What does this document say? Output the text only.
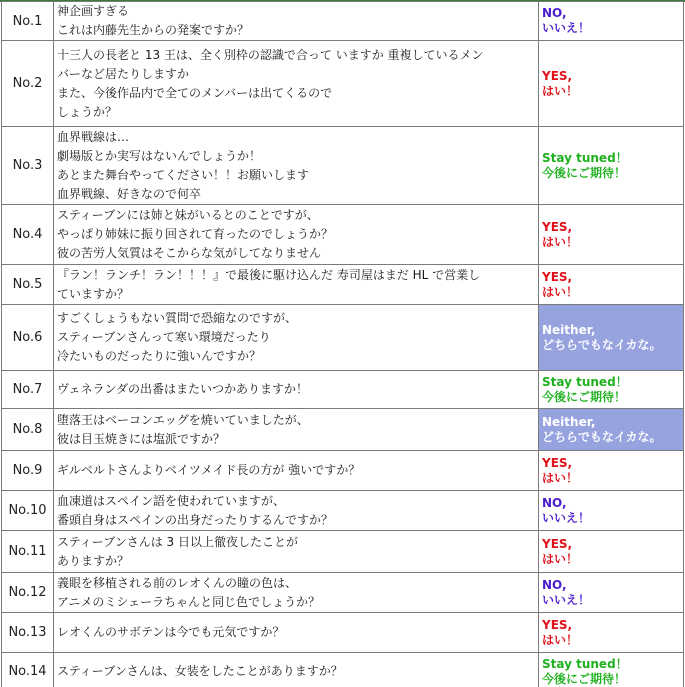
No.1	神企画すぎる
これは内藤先生からの発案ですか？	NO,
いいえ！

No.2	十三人の長老と 13 王は、全く別枠の認識で合って いますか 重複しているメン
バーなど居たりしますか
また、今後作品内で全てのメンバーは出てくるので
しょうか？	YES,
はい！

No.3	血界戦線は…
劇場版とか実写はないんでしょうか！
あとまた舞台やってください！！お願いします
血界戦線、好きなので何卒	Stay tuned！
今後にご期待！

No.4	スティーブンには姉と妹がいるとのことですが、
やっぱり姉妹に振り回されて育ったのでしょうか？
彼の苦労人気質はそこからな気がしてなりません	YES,
はい！

No.5	『ラン！ランチ！ラン！！！』で最後に駆け込んだ 寿司屋はまだ HL で営業し
ていますか？	YES,
はい！

No.6	すごくしょうもない質問で恐縮なのですが、
スティーブンさんって寒い環境だったり
冷たいものだったりに強いんですか？	Neither,
どちらでもなイカな。

No.7	ヴェネランダの出番はまたいつかありますか！	Stay tuned！
今後にご期待！

No.8	堕落王はベーコンエッグを焼いていましたが、
彼は目玉焼きには塩派ですか？	Neither,
どちらでもなイカな。

No.9	ギルベルトさんよりベイツメイド長の方が 強いですか？	YES,
はい！

No.10	血凍道はスペイン語を使われていますが、
番頭自身はスペインの出身だったりするんですか？	NO,
いいえ！

No.11	スティーブンさんは 3 日以上徹夜したことが
ありますか？	YES,
はい！

No.12	義眼を移植される前のレオくんの瞳の色は、
アニメのミシェーラちゃんと同じ色でしょうか？	NO,
いいえ！

No.13	レオくんのサボテンは今でも元気ですか？	YES,
はい！

No.14	スティーブンさんは、女装をしたことがありますか？	Stay tuned！
今後にご期待！
